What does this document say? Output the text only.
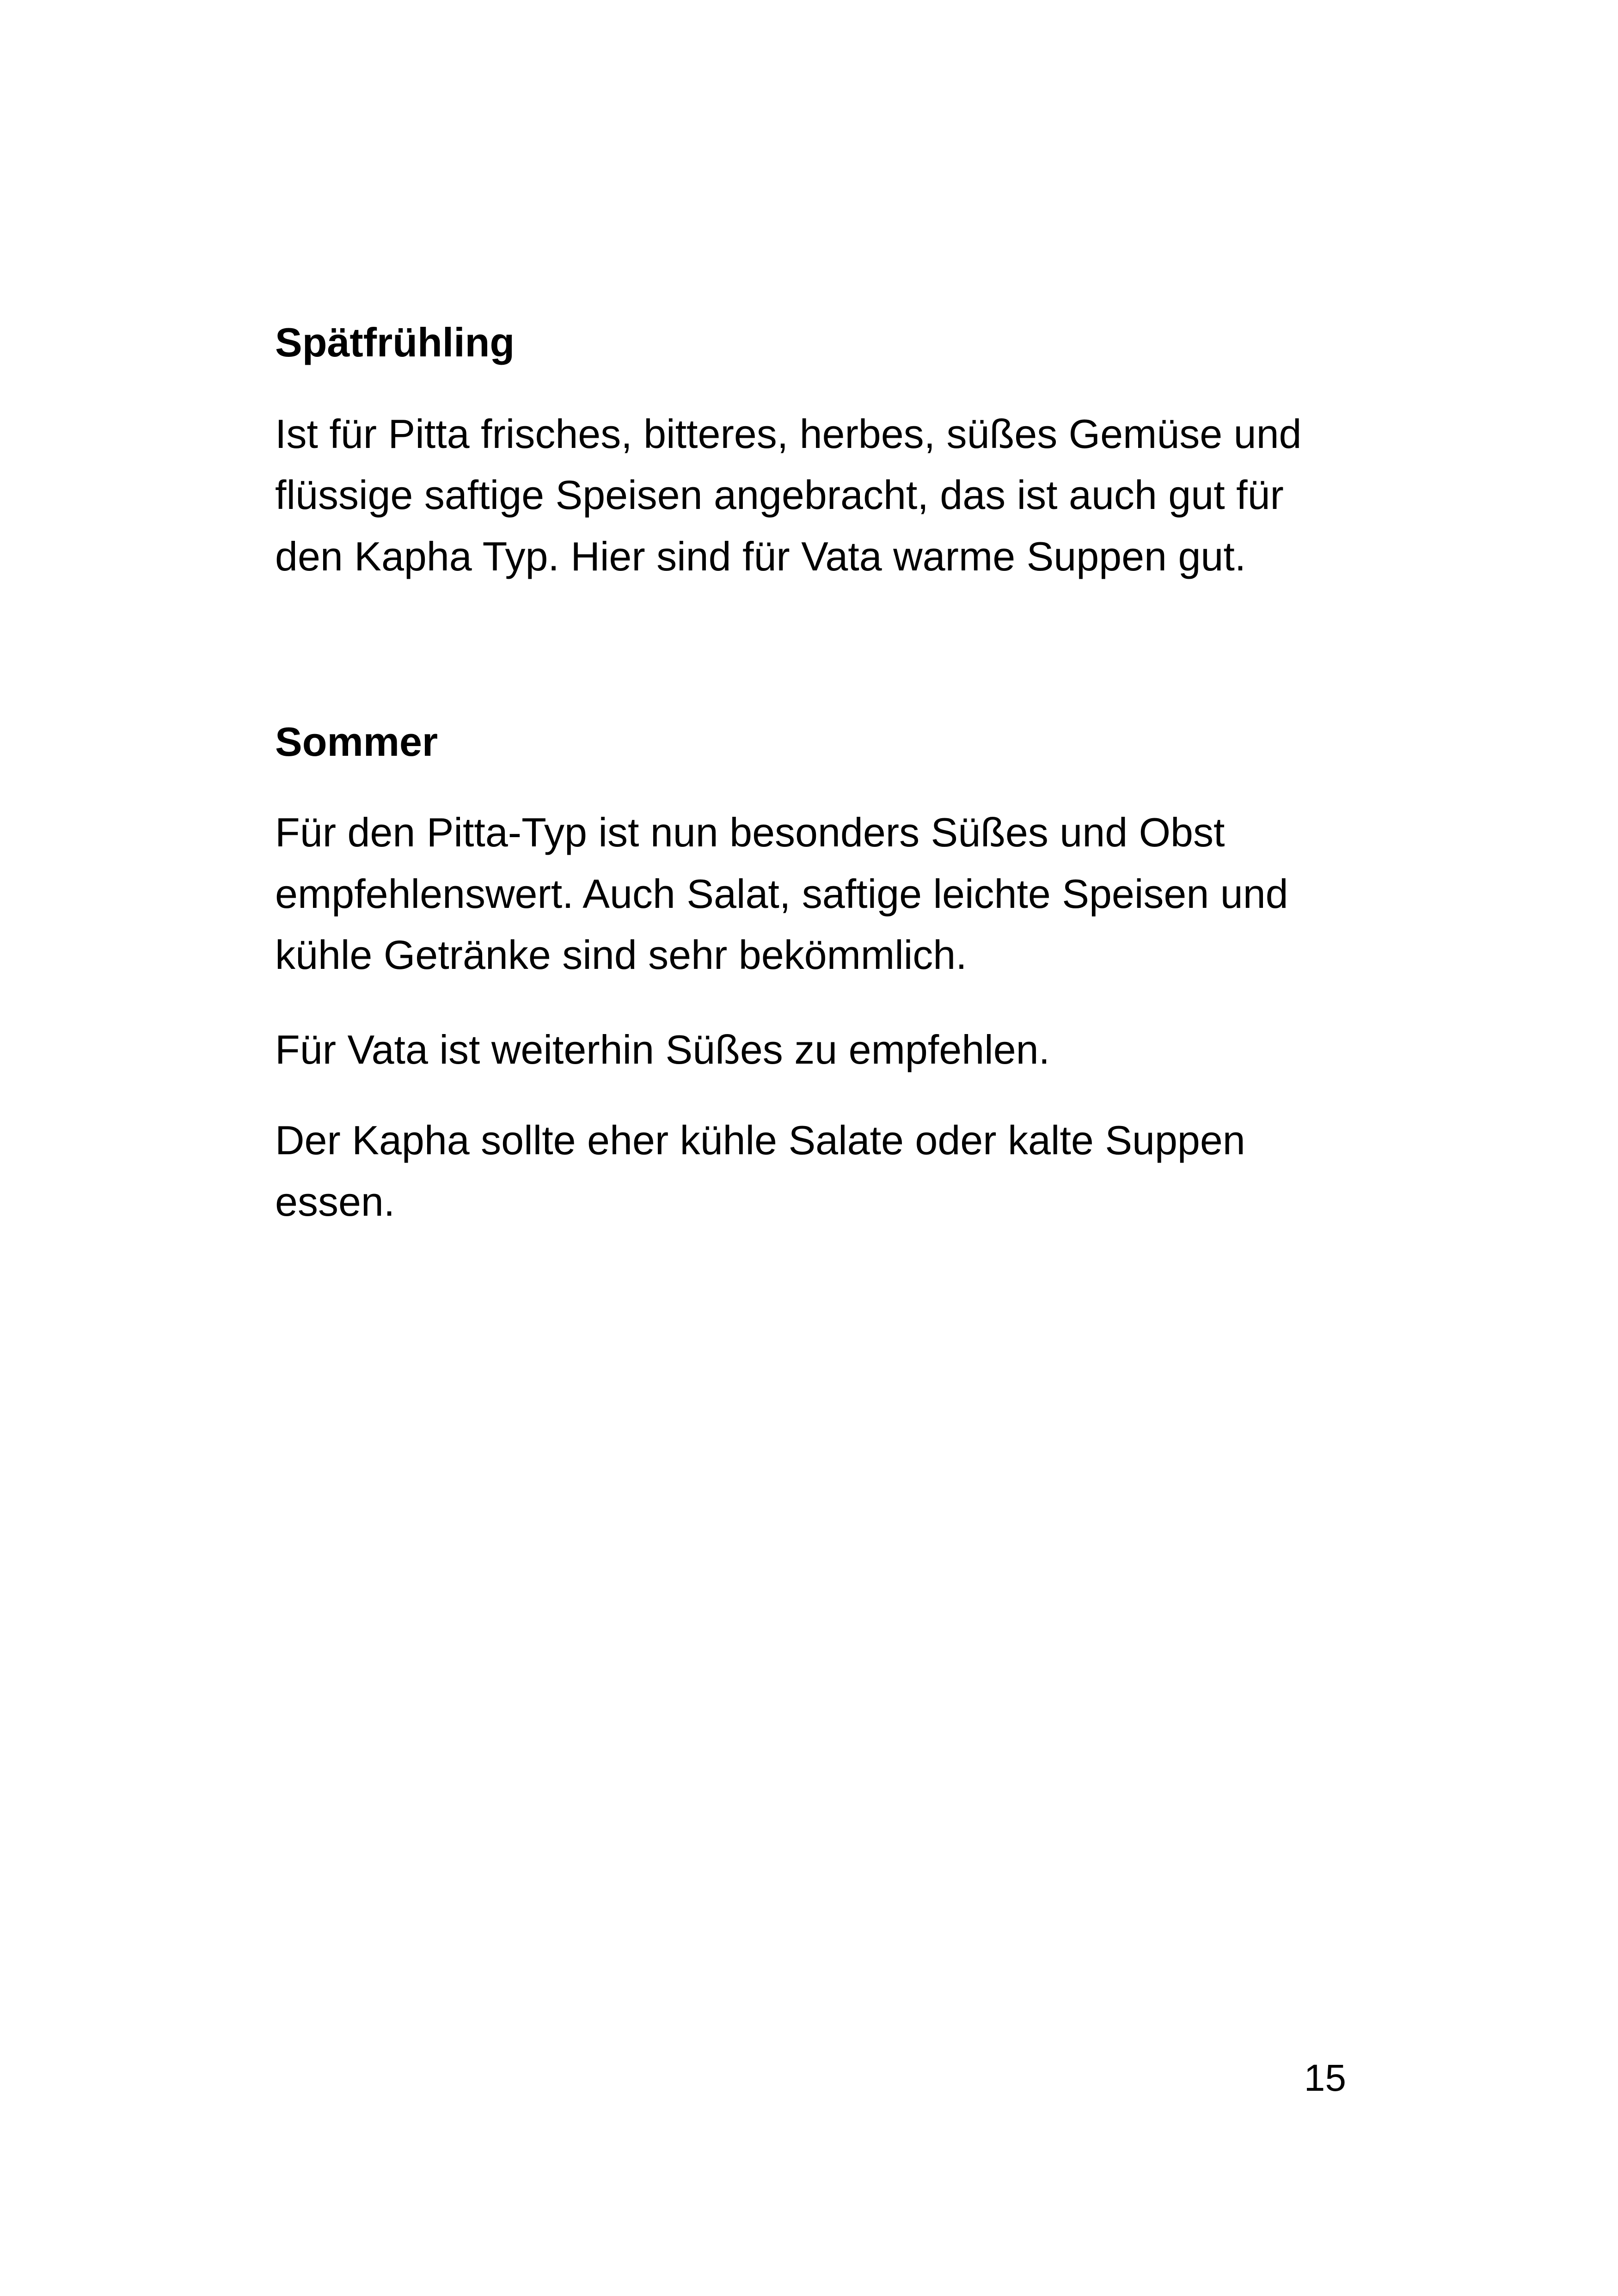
Spätfrühling
Ist für Pitta frisches, bitteres, herbes, süßes Gemüse und
flüssige saftige Speisen angebracht, das ist auch gut für
den Kapha Typ. Hier sind für Vata warme Suppen gut.
Sommer
Für den Pitta-Typ ist nun besonders Süßes und Obst
empfehlenswert. Auch Salat, saftige leichte Speisen und
kühle Getränke sind sehr bekömmlich.
Für Vata ist weiterhin Süßes zu empfehlen.
Der Kapha sollte eher kühle Salate oder kalte Suppen
essen.
15
